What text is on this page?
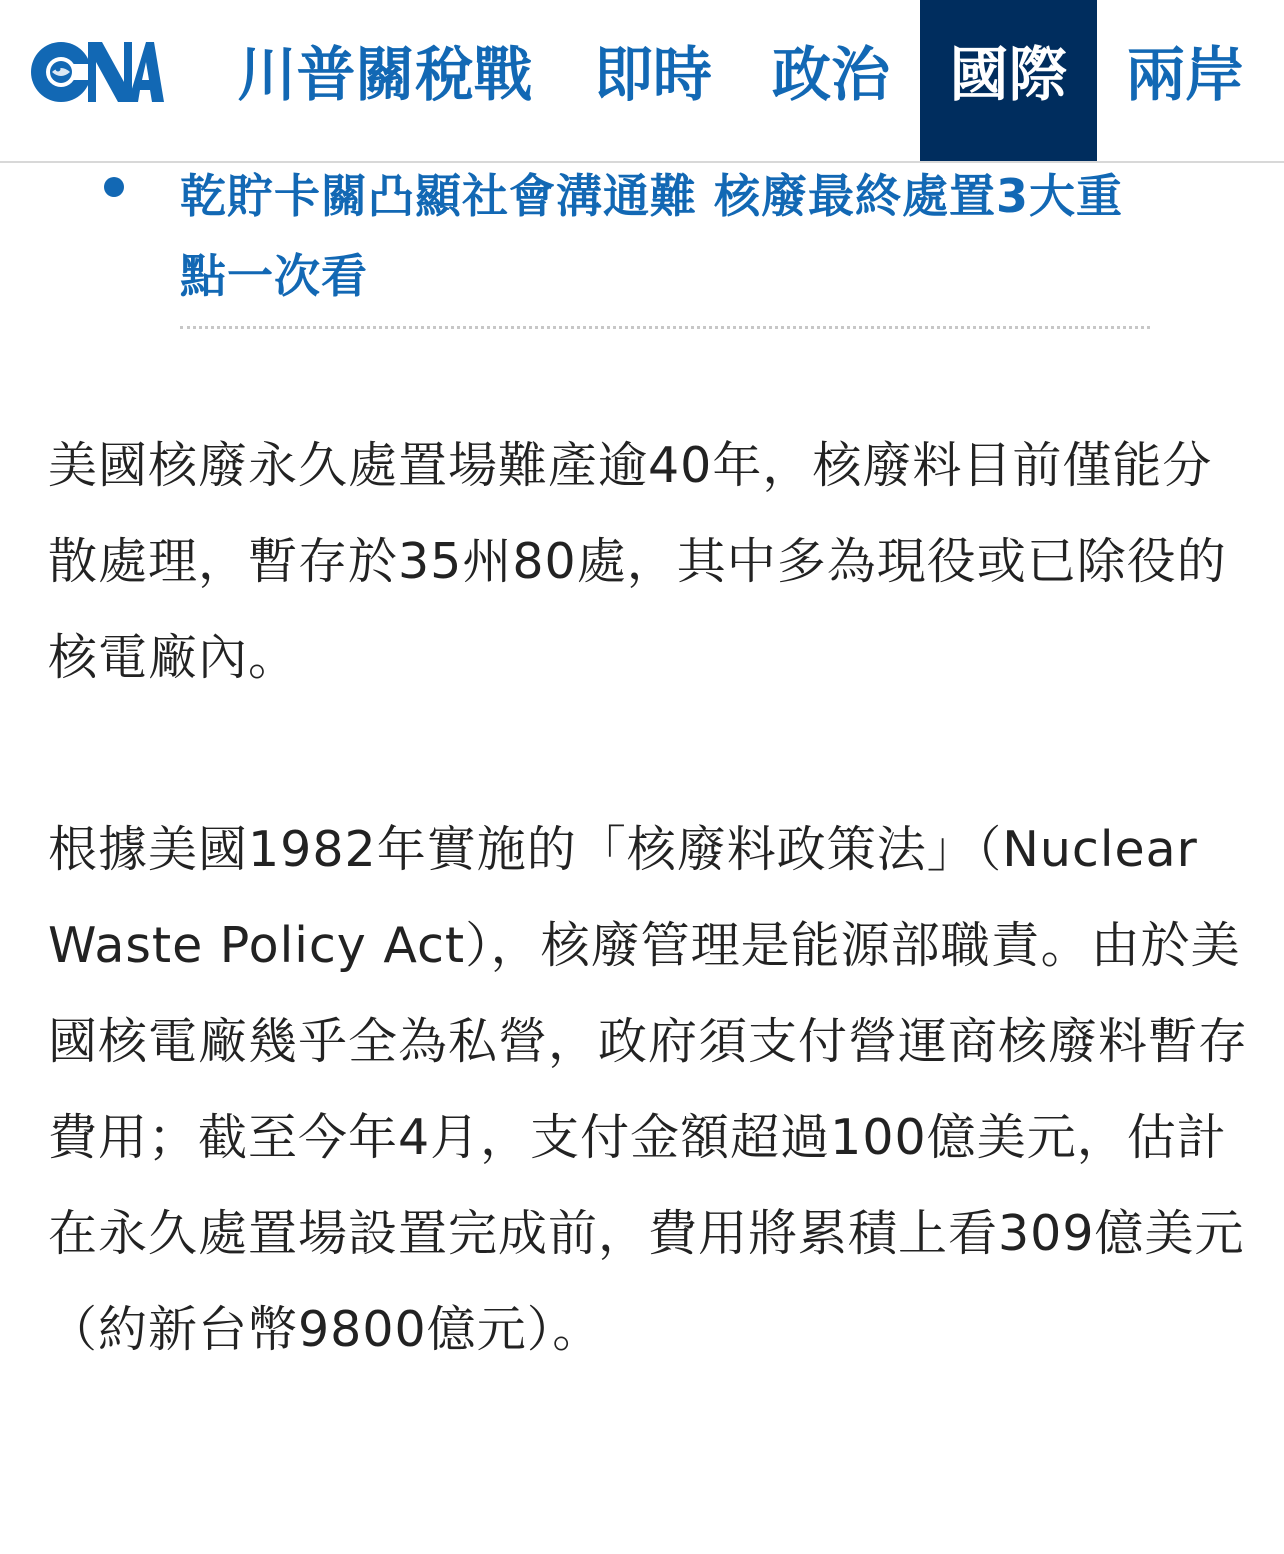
川普關稅戰 即時 政治	國際 兩岸
乾貯卡關凸顯社會溝通難 核廢最終處置3大重點一次看

美國核廢永久處置場難產逾40年，核廢料目前僅能分散處理，暫存於35州80處，其中多為現役或已除役的核電廠內。

根據美國1982年實施的「核廢料政策法」（Nuclear Waste Policy Act），核廢管理是能源部職責。由於美國核電廠幾乎全為私營，政府須支付營運商核廢料暫存費用；截至今年4月，支付金額超過100億美元，估計在永久處置場設置完成前，費用將累積上看309億美元（約新台幣9800億元）。
